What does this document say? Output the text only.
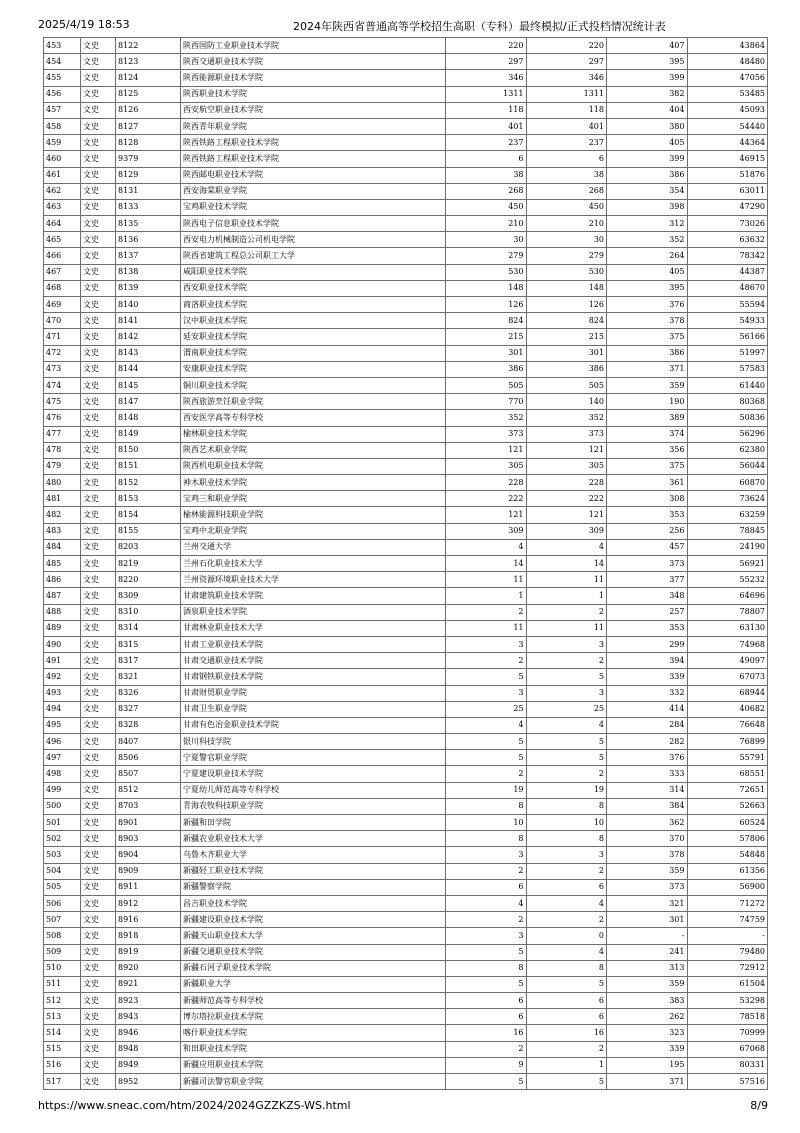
2025/4/19 18:53	2024年陕西省普通高等学校招生高职（专科）最终模拟/正式投档情况统计表
453	文史	8122	陕西国防工业职业技术学院	220	220	407	43864
454	文史	8123	陕西交通职业技术学院	297	297	395	48480
455	文史	8124	陕西能源职业技术学院	346	346	399	47056
456	文史	8125	陕西职业技术学院	1311	1311	382	53485
457	文史	8126	西安航空职业技术学院	118	118	404	45093
458	文史	8127	陕西青年职业学院	401	401	380	54440
459	文史	8128	陕西铁路工程职业技术学院	237	237	405	44364
460	文史	9379	陕西铁路工程职业技术学院	6	6	399	46915
461	文史	8129	陕西邮电职业技术学院	38	38	386	51876
462	文史	8131	西安海棠职业学院	268	268	354	63011
463	文史	8133	宝鸡职业技术学院	450	450	398	47290
464	文史	8135	陕西电子信息职业技术学院	210	210	312	73026
465	文史	8136	西安电力机械制造公司机电学院	30	30	352	63632
466	文史	8137	陕西省建筑工程总公司职工大学	279	279	264	78342
467	文史	8138	咸阳职业技术学院	530	530	405	44387
468	文史	8139	西安职业技术学院	148	148	395	48670
469	文史	8140	商洛职业技术学院	126	126	376	55594
470	文史	8141	汉中职业技术学院	824	824	378	54933
471	文史	8142	延安职业技术学院	215	215	375	56166
472	文史	8143	渭南职业技术学院	301	301	386	51997
473	文史	8144	安康职业技术学院	386	386	371	57583
474	文史	8145	铜川职业技术学院	505	505	359	61440
475	文史	8147	陕西旅游烹饪职业学院	770	140	190	80368
476	文史	8148	西安医学高等专科学校	352	352	389	50836
477	文史	8149	榆林职业技术学院	373	373	374	56296
478	文史	8150	陕西艺术职业学院	121	121	356	62380
479	文史	8151	陕西机电职业技术学院	305	305	375	56044
480	文史	8152	神木职业技术学院	228	228	361	60870
481	文史	8153	宝鸡三和职业学院	222	222	308	73624
482	文史	8154	榆林能源科技职业学院	121	121	353	63259
483	文史	8155	宝鸡中北职业学院	309	309	256	78845
484	文史	8203	兰州交通大学	4	4	457	24190
485	文史	8219	兰州石化职业技术大学	14	14	373	56921
486	文史	8220	兰州资源环境职业技术大学	11	11	377	55232
487	文史	8309	甘肃建筑职业技术学院	1	1	348	64696
488	文史	8310	酒泉职业技术学院	2	2	257	78807
489	文史	8314	甘肃林业职业技术大学	11	11	353	63130
490	文史	8315	甘肃工业职业技术学院	3	3	299	74968
491	文史	8317	甘肃交通职业技术学院	2	2	394	49097
492	文史	8321	甘肃钢铁职业技术学院	5	5	339	67073
493	文史	8326	甘肃财贸职业学院	3	3	332	68944
494	文史	8327	甘肃卫生职业学院	25	25	414	40682
495	文史	8328	甘肃有色冶金职业技术学院	4	4	284	76648
496	文史	8407	银川科技学院	5	5	282	76899
497	文史	8506	宁夏警官职业学院	5	5	376	55791
498	文史	8507	宁夏建设职业技术学院	2	2	333	68551
499	文史	8512	宁夏幼儿师范高等专科学校	19	19	314	72651
500	文史	8703	青海农牧科技职业学院	8	8	384	52663
501	文史	8901	新疆和田学院	10	10	362	60524
502	文史	8903	新疆农业职业技术大学	8	8	370	57806
503	文史	8904	乌鲁木齐职业大学	3	3	378	54848
504	文史	8909	新疆轻工职业技术学院	2	2	359	61356
505	文史	8911	新疆警察学院	6	6	373	56900
506	文史	8912	昌吉职业技术学院	4	4	321	71272
507	文史	8916	新疆建设职业技术学院	2	2	301	74759
508	文史	8918	新疆天山职业技术大学	3	0	-	-
509	文史	8919	新疆交通职业技术学院	5	4	241	79480
510	文史	8920	新疆石河子职业技术学院	8	8	313	72912
511	文史	8921	新疆职业大学	5	5	359	61504
512	文史	8923	新疆师范高等专科学校	6	6	383	53298
513	文史	8943	博尔塔拉职业技术学院	6	6	262	78518
514	文史	8946	喀什职业技术学院	16	16	323	70999
515	文史	8948	和田职业技术学院	2	2	339	67068
516	文史	8949	新疆应用职业技术学院	9	1	195	80331
517	文史	8952	新疆司法警官职业学院	5	5	371	57516
https://www.sneac.com/htm/2024/2024GZZKZS-WS.html	8/9
